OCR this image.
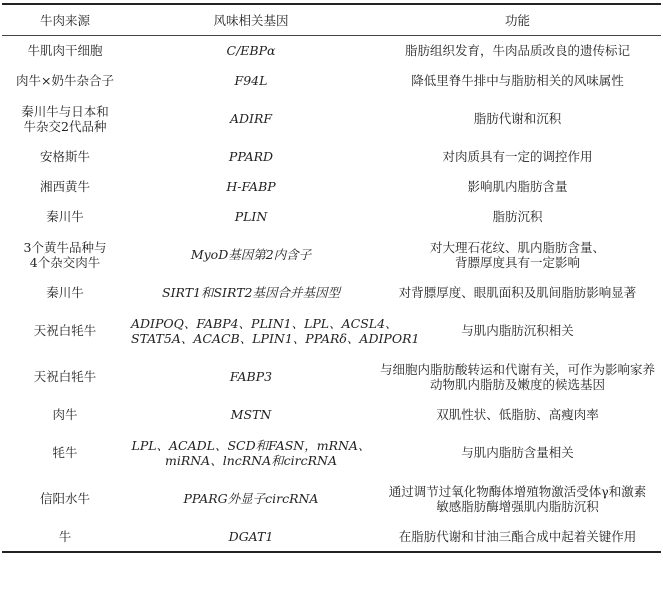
牛肉来源	风味相关基因	功能

牛肌肉干细胞	C/EBPα	脂肪组织发育，牛肉品质改良的遗传标记

肉牛×奶牛杂合子	F94L	降低里脊牛排中与脂肪相关的风味属性

秦川牛与日本和
牛杂交2代品种	ADIRF	脂肪代谢和沉积

安格斯牛	PPARD	对肉质具有一定的调控作用

湘西黄牛	H-FABP	影响肌内脂肪含量

秦川牛	PLIN	脂肪沉积

3个黄牛品种与
4个杂交肉牛	MyoD基因第2内含子	对大理石花纹、肌内脂肪含量、
背膘厚度具有一定影响

秦川牛	SIRT1和SIRT2基因合并基因型	对背膘厚度、眼肌面积及肌间脂肪影响显著

天祝白牦牛	ADIPOQ、FABP4、PLIN1、LPL、ACSL4、
STAT5A、ACACB、LPIN1、PPARδ、ADIPOR1	与肌内脂肪沉积相关

天祝白牦牛	FABP3	与细胞内脂肪酸转运和代谢有关，可作为影响家养
动物肌内脂肪及嫩度的候选基因

肉牛	MSTN	双肌性状、低脂肪、高瘦肉率

牦牛	LPL、ACADL、SCD和FASN，mRNA、
miRNA、lncRNA和circRNA	与肌内脂肪含量相关

信阳水牛	PPARG外显子circRNA	通过调节过氧化物酶体增殖物激活受体γ和激素
敏感脂肪酶增强肌内脂肪沉积

牛	DGAT1	在脂肪代谢和甘油三酯合成中起着关键作用
